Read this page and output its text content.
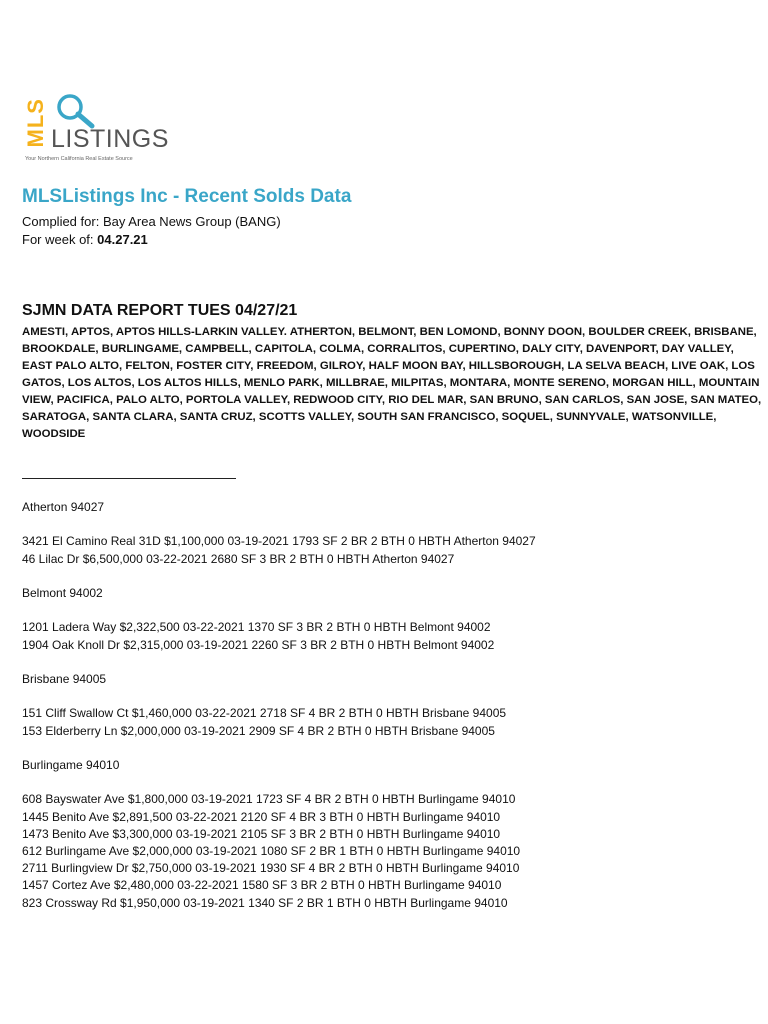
MLS LISTINGS
Your Northern California Real Estate Source
MLSListings Inc - Recent Solds Data
Complied for: Bay Area News Group (BANG)
For week of: 04.27.21
SJMN DATA REPORT TUES 04/27/21
AMESTI, APTOS, APTOS HILLS-LARKIN VALLEY. ATHERTON, BELMONT, BEN LOMOND, BONNY DOON, BOULDER CREEK, BRISBANE, BROOKDALE, BURLINGAME, CAMPBELL, CAPITOLA, COLMA, CORRALITOS, CUPERTINO, DALY CITY, DAVENPORT, DAY VALLEY, EAST PALO ALTO, FELTON, FOSTER CITY, FREEDOM, GILROY, HALF MOON BAY, HILLSBOROUGH, LA SELVA BEACH, LIVE OAK, LOS GATOS, LOS ALTOS, LOS ALTOS HILLS, MENLO PARK, MILLBRAE, MILPITAS, MONTARA, MONTE SERENO, MORGAN HILL, MOUNTAIN VIEW, PACIFICA, PALO ALTO, PORTOLA VALLEY, REDWOOD CITY, RIO DEL MAR, SAN BRUNO, SAN CARLOS, SAN JOSE, SAN MATEO, SARATOGA, SANTA CLARA, SANTA CRUZ, SCOTTS VALLEY, SOUTH SAN FRANCISCO, SOQUEL, SUNNYVALE, WATSONVILLE, WOODSIDE
Atherton 94027
3421 El Camino Real 31D $1,100,000 03-19-2021 1793 SF 2 BR 2 BTH 0 HBTH Atherton 94027
46 Lilac Dr $6,500,000 03-22-2021 2680 SF 3 BR 2 BTH 0 HBTH Atherton 94027
Belmont 94002
1201 Ladera Way $2,322,500 03-22-2021 1370 SF 3 BR 2 BTH 0 HBTH Belmont 94002
1904 Oak Knoll Dr $2,315,000 03-19-2021 2260 SF 3 BR 2 BTH 0 HBTH Belmont 94002
Brisbane 94005
151 Cliff Swallow Ct $1,460,000 03-22-2021 2718 SF 4 BR 2 BTH 0 HBTH Brisbane 94005
153 Elderberry Ln $2,000,000 03-19-2021 2909 SF 4 BR 2 BTH 0 HBTH Brisbane 94005
Burlingame 94010
608 Bayswater Ave $1,800,000 03-19-2021 1723 SF 4 BR 2 BTH 0 HBTH Burlingame 94010
1445 Benito Ave $2,891,500 03-22-2021 2120 SF 4 BR 3 BTH 0 HBTH Burlingame 94010
1473 Benito Ave $3,300,000 03-19-2021 2105 SF 3 BR 2 BTH 0 HBTH Burlingame 94010
612 Burlingame Ave $2,000,000 03-19-2021 1080 SF 2 BR 1 BTH 0 HBTH Burlingame 94010
2711 Burlingview Dr $2,750,000 03-19-2021 1930 SF 4 BR 2 BTH 0 HBTH Burlingame 94010
1457 Cortez Ave $2,480,000 03-22-2021 1580 SF 3 BR 2 BTH 0 HBTH Burlingame 94010
823 Crossway Rd $1,950,000 03-19-2021 1340 SF 2 BR 1 BTH 0 HBTH Burlingame 94010
